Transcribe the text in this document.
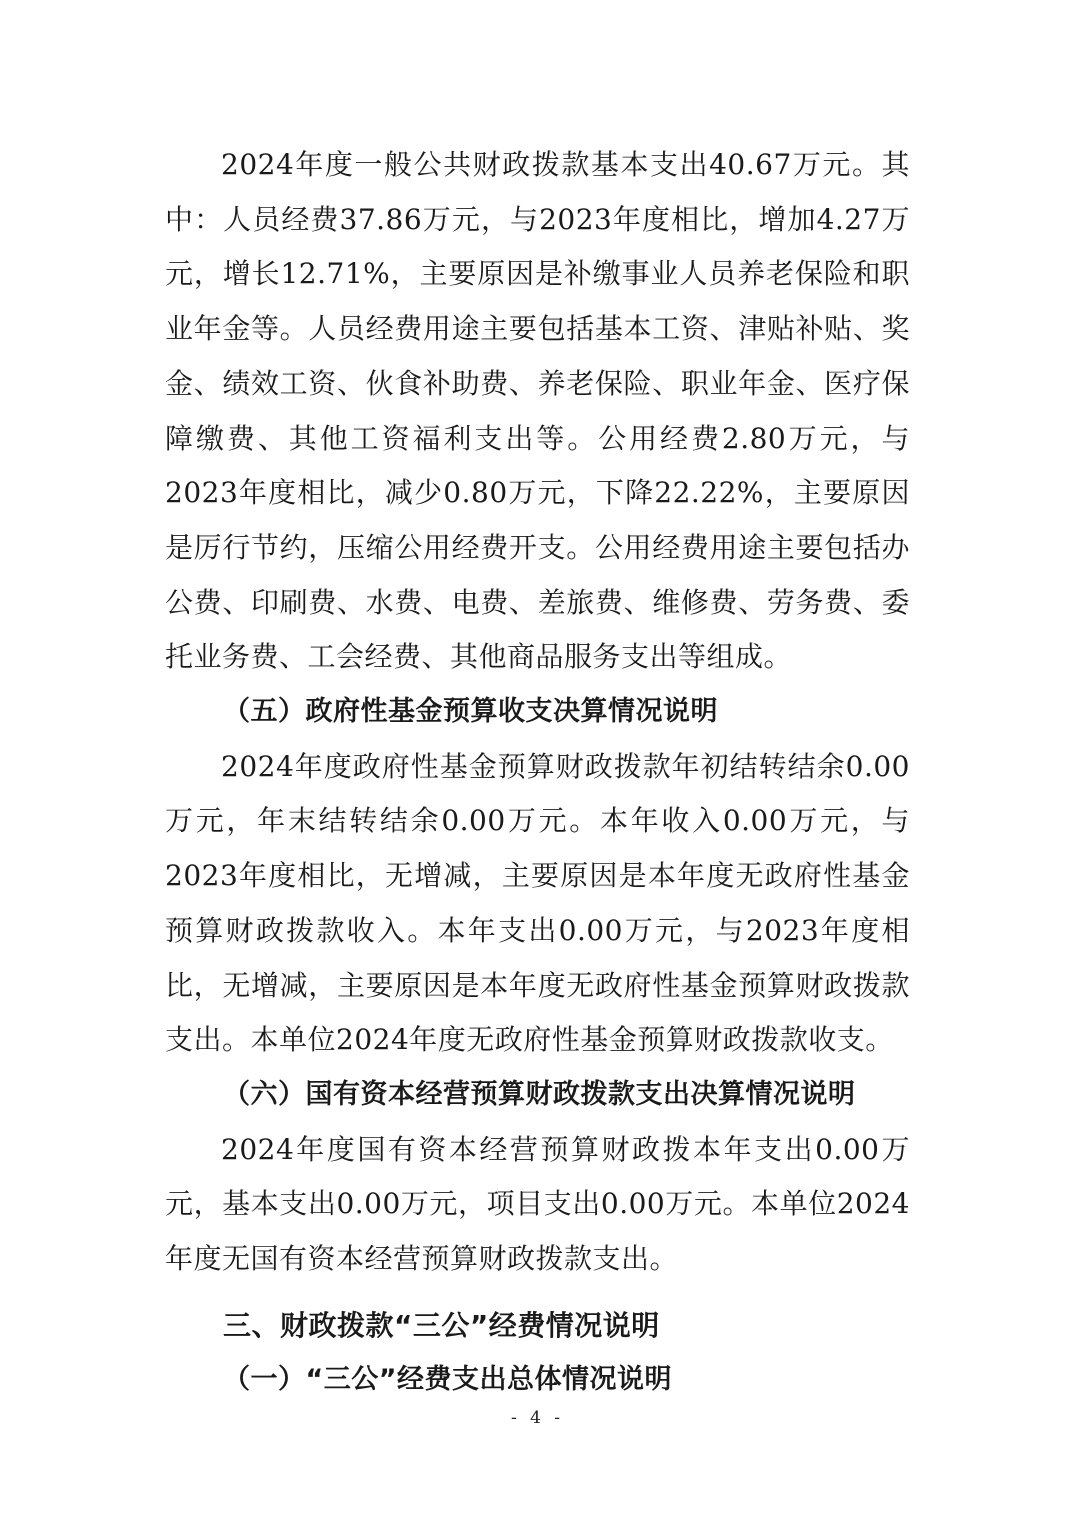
2024年度一般公共财政拨款基本支出40.67万元。其中：人员经费37.86万元，与2023年度相比，增加4.27万元，增长12.71%，主要原因是补缴事业人员养老保险和职业年金等。人员经费用途主要包括基本工资、津贴补贴、奖金、绩效工资、伙食补助费、养老保险、职业年金、医疗保障缴费、其他工资福利支出等。公用经费2.80万元，与2023年度相比，减少0.80万元，下降22.22%，主要原因是厉行节约，压缩公用经费开支。公用经费用途主要包括办公费、印刷费、水费、电费、差旅费、维修费、劳务费、委托业务费、工会经费、其他商品服务支出等组成。

（五）政府性基金预算收支决算情况说明

2024年度政府性基金预算财政拨款年初结转结余0.00万元，年末结转结余0.00万元。本年收入0.00万元，与2023年度相比，无增减，主要原因是本年度无政府性基金预算财政拨款收入。本年支出0.00万元，与2023年度相比，无增减，主要原因是本年度无政府性基金预算财政拨款支出。本单位2024年度无政府性基金预算财政拨款收支。

（六）国有资本经营预算财政拨款支出决算情况说明

2024年度国有资本经营预算财政拨本年支出0.00万元，基本支出0.00万元，项目支出0.00万元。本单位2024年度无国有资本经营预算财政拨款支出。

三、财政拨款“三公”经费情况说明

（一）“三公”经费支出总体情况说明

- 4 -
